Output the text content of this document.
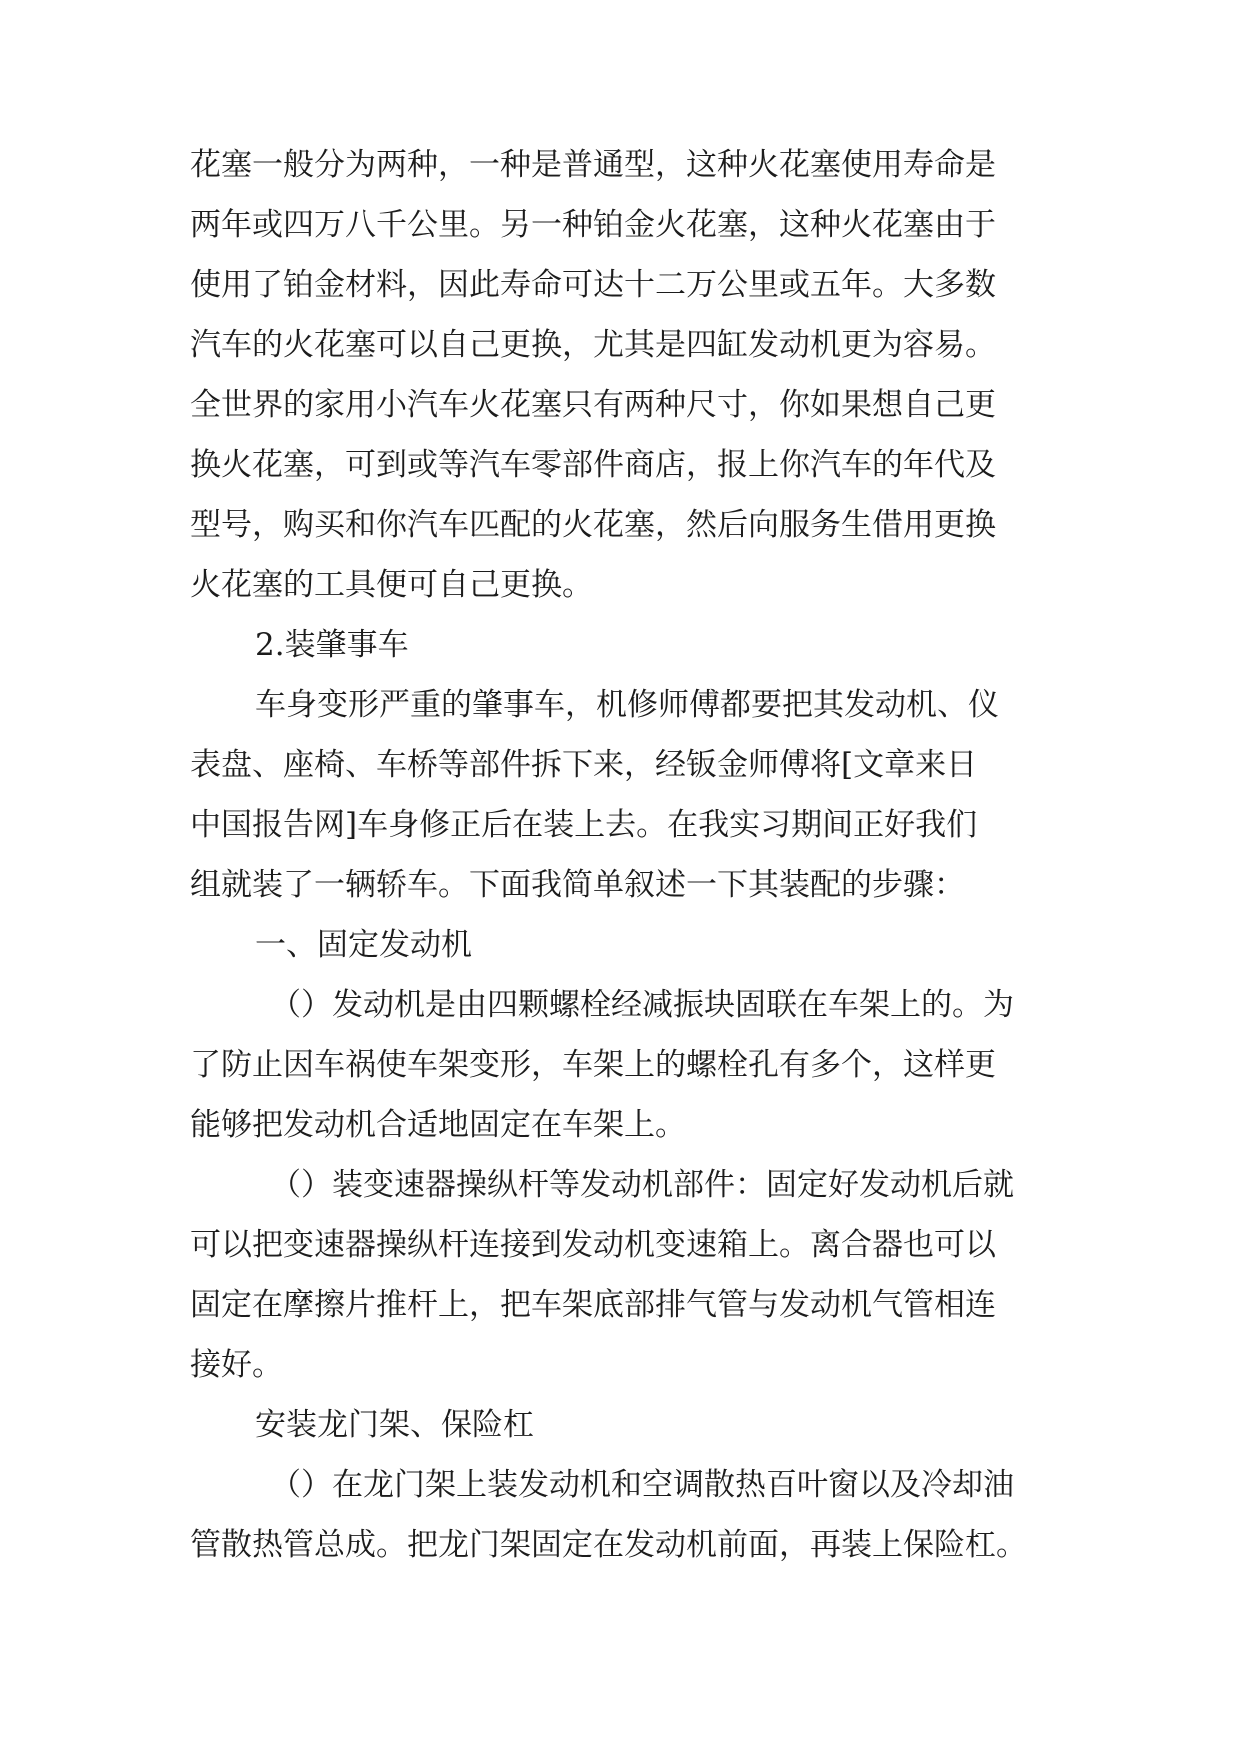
花塞一般分为两种，一种是普通型，这种火花塞使用寿命是
两年或四万八千公里。另一种铂金火花塞，这种火花塞由于
使用了铂金材料，因此寿命可达十二万公里或五年。大多数
汽车的火花塞可以自己更换，尤其是四缸发动机更为容易。
全世界的家用小汽车火花塞只有两种尺寸，你如果想自己更
换火花塞，可到或等汽车零部件商店，报上你汽车的年代及
型号，购买和你汽车匹配的火花塞，然后向服务生借用更换
火花塞的工具便可自己更换。
2.装肇事车
车身变形严重的肇事车，机修师傅都要把其发动机、仪
表盘、座椅、车桥等部件拆下来，经钣金师傅将[文章来日
中国报告网]车身修正后在装上去。在我实习期间正好我们
组就装了一辆轿车。下面我简单叙述一下其装配的步骤：
一、固定发动机
（）发动机是由四颗螺栓经减振块固联在车架上的。为
了防止因车祸使车架变形，车架上的螺栓孔有多个，这样更
能够把发动机合适地固定在车架上。
（）装变速器操纵杆等发动机部件：固定好发动机后就
可以把变速器操纵杆连接到发动机变速箱上。离合器也可以
固定在摩擦片推杆上，把车架底部排气管与发动机气管相连
接好。
安装龙门架、保险杠
（）在龙门架上装发动机和空调散热百叶窗以及冷却油
管散热管总成。把龙门架固定在发动机前面，再装上保险杠。
